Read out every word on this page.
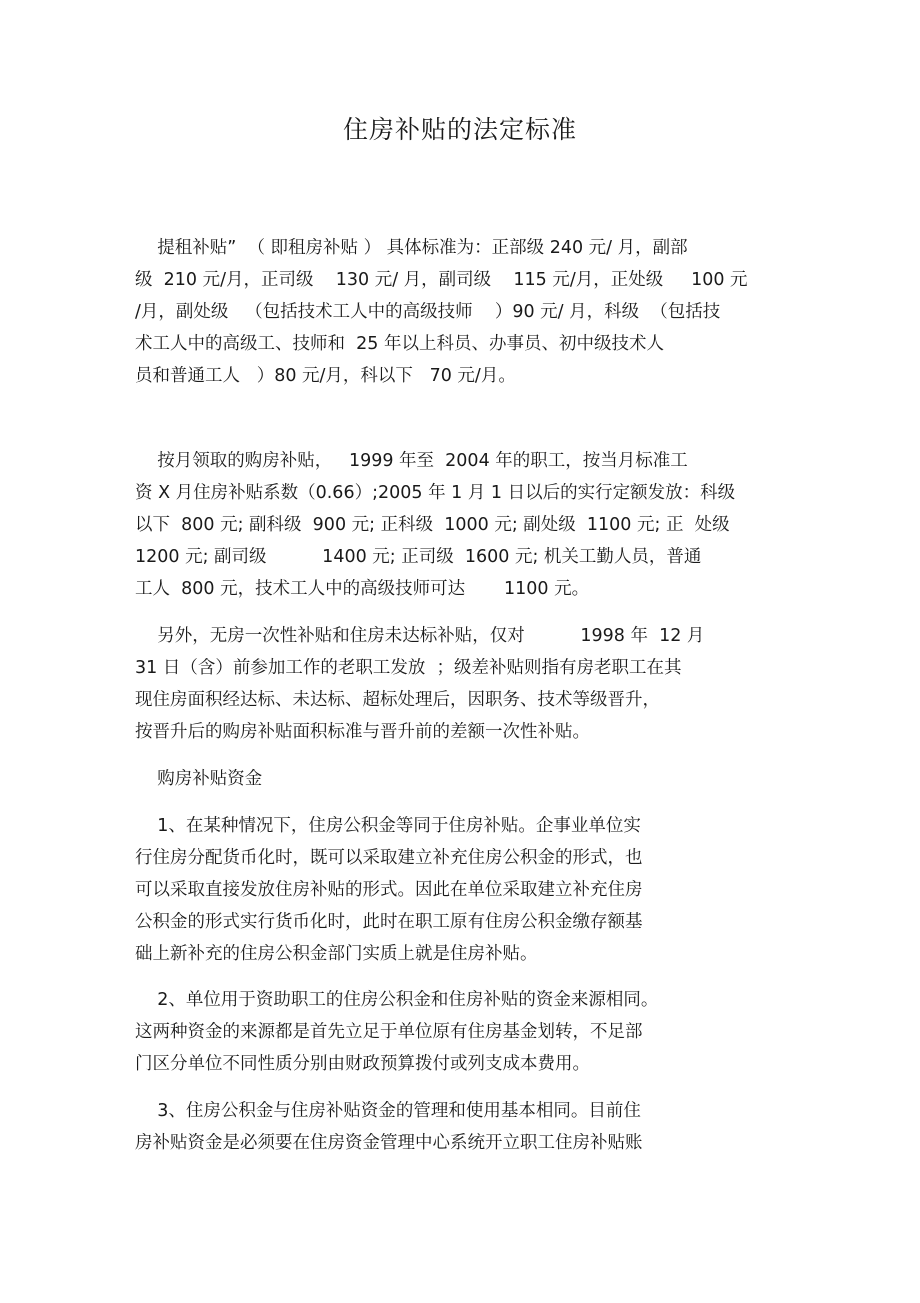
住房补贴的法定标准
提租补贴”  （ 即租房补贴 ） 具体标准为：正部级 240 元/ 月，副部
级  210 元/月，正司级    130 元/ 月，副司级    115 元/月，正处级     100 元
/月，副处级   （包括技术工人中的高级技师    ）90 元/ 月，科级  （包括技
术工人中的高级工、技师和  25 年以上科员、办事员、初中级技术人
员和普通工人   ）80 元/月，科以下   70 元/月。
按月领取的购房补贴，   1999 年至  2004 年的职工，按当月标准工
资 X 月住房补贴系数（0.66）;2005 年 1 月 1 日以后的实行定额发放：科级
以下  800 元; 副科级  900 元; 正科级  1000 元; 副处级  1100 元; 正  处级
1200 元; 副司级          1400 元; 正司级  1600 元; 机关工勤人员，普通
工人  800 元，技术工人中的高级技师可达       1100 元。
另外，无房一次性补贴和住房未达标补贴，仅对          1998 年  12 月
31 日（含）前参加工作的老职工发放  ；级差补贴则指有房老职工在其
现住房面积经达标、未达标、超标处理后，因职务、技术等级晋升，
按晋升后的购房补贴面积标准与晋升前的差额一次性补贴。
购房补贴资金
1、在某种情况下，住房公积金等同于住房补贴。企事业单位实
行住房分配货币化时，既可以采取建立补充住房公积金的形式，也
可以采取直接发放住房补贴的形式。因此在单位采取建立补充住房
公积金的形式实行货币化时，此时在职工原有住房公积金缴存额基
础上新补充的住房公积金部门实质上就是住房补贴。
2、单位用于资助职工的住房公积金和住房补贴的资金来源相同。
这两种资金的来源都是首先立足于单位原有住房基金划转，不足部
门区分单位不同性质分别由财政预算拨付或列支成本费用。
3、住房公积金与住房补贴资金的管理和使用基本相同。目前住
房补贴资金是必须要在住房资金管理中心系统开立职工住房补贴账
